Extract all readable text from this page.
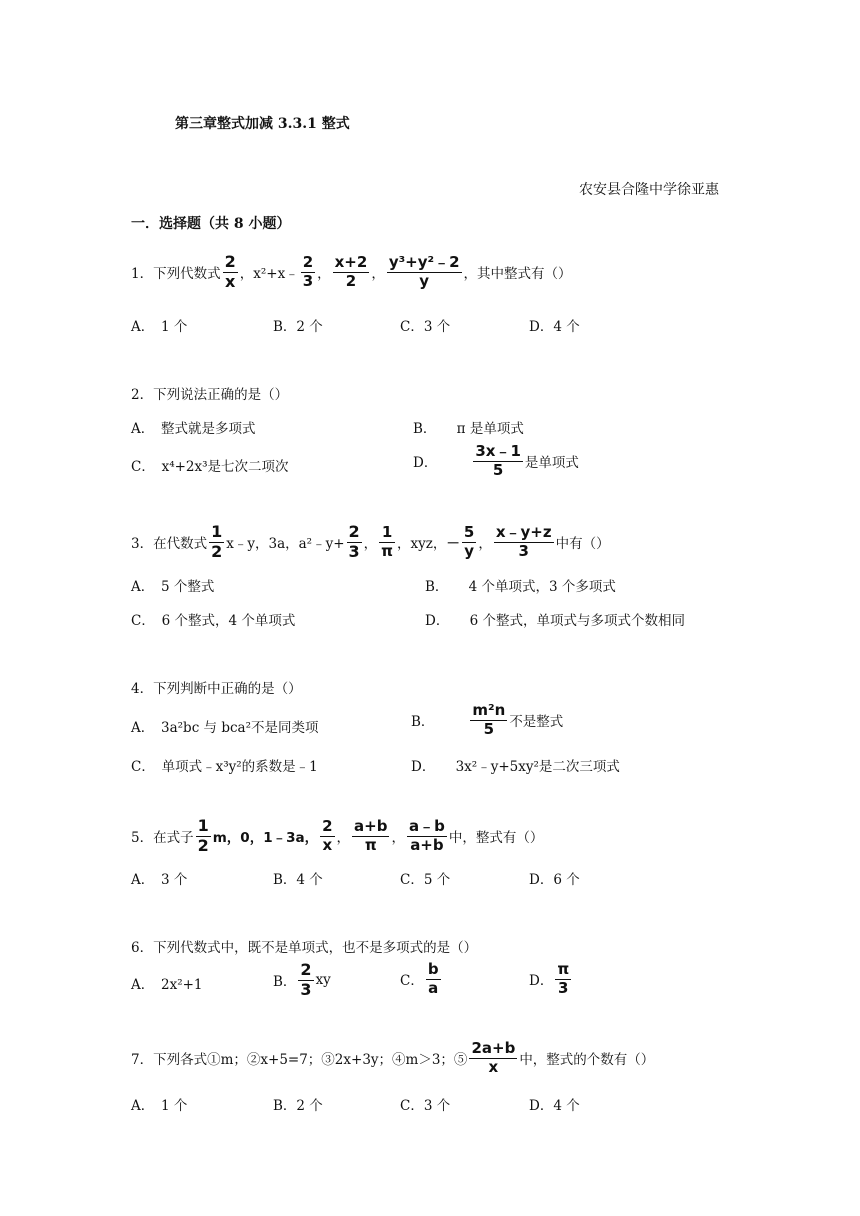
第三章整式加减 3.3.1 整式
农安县合隆中学徐亚惠
一．选择题（共 8 小题）
1．下列代数式 $\frac{2}{x}$ ，x²+x﹣ $\frac{2}{3}$ ， $\frac{x+2}{2}$ ， $\frac{\text{y³+y²﹣2}}{y}$ ，其中整式有（）
A．　1 个	B．2 个	C．3 个	D．4 个
2．下列说法正确的是（）
A．　整式就是多项式	B．　　π 是单项式
C．　x⁴+2x³是七次二项次	D． $\frac{3x﹣1}{5}$ 是单项式
3．在代数式 $\frac{1}{2}$ x﹣y，3a，a²﹣y+ $\frac{2}{3}$ ， $\frac{1}{\pi}$ ，xyz， － $\frac{5}{y}$ ， $\frac{x﹣y+z}{3}$ 中有（）
A．　5 个整式	B．　　4 个单项式，3 个多项式
C．　6 个整式，4 个单项式	D．　　6 个整式，单项式与多项式个数相同
4．下列判断中正确的是（）
A．　3a²bc 与 bca²不是同类项	B． $\frac{\text{m²n}}{5}$ 不是整式
C．　单项式﹣x³y²的系数是﹣1	D．　　3x²﹣y+5xy²是二次三项式
5．在式子 $\frac{1}{2}$ m，0，1﹣3a， $\frac{2}{x}$ ， $\frac{a+b}{\pi}$ ， $\frac{a﹣b}{a+b}$ 中，整式有（）
A．　3 个	B．4 个	C．5 个	D．6 个
6．下列代数式中，既不是单项式，也不是多项式的是（）
A．　2x²+1	B． $\frac{2}{3}$ xy	C． $\frac{b}{a}$	D． $\frac{\pi}{3}$
7．下列各式①m；②x+5=7；③2x+3y；④m＞3；⑤ $\frac{2a+b}{x}$ 中，整式的个数有（）
A．　1 个	B．2 个	C．3 个	D．4 个
